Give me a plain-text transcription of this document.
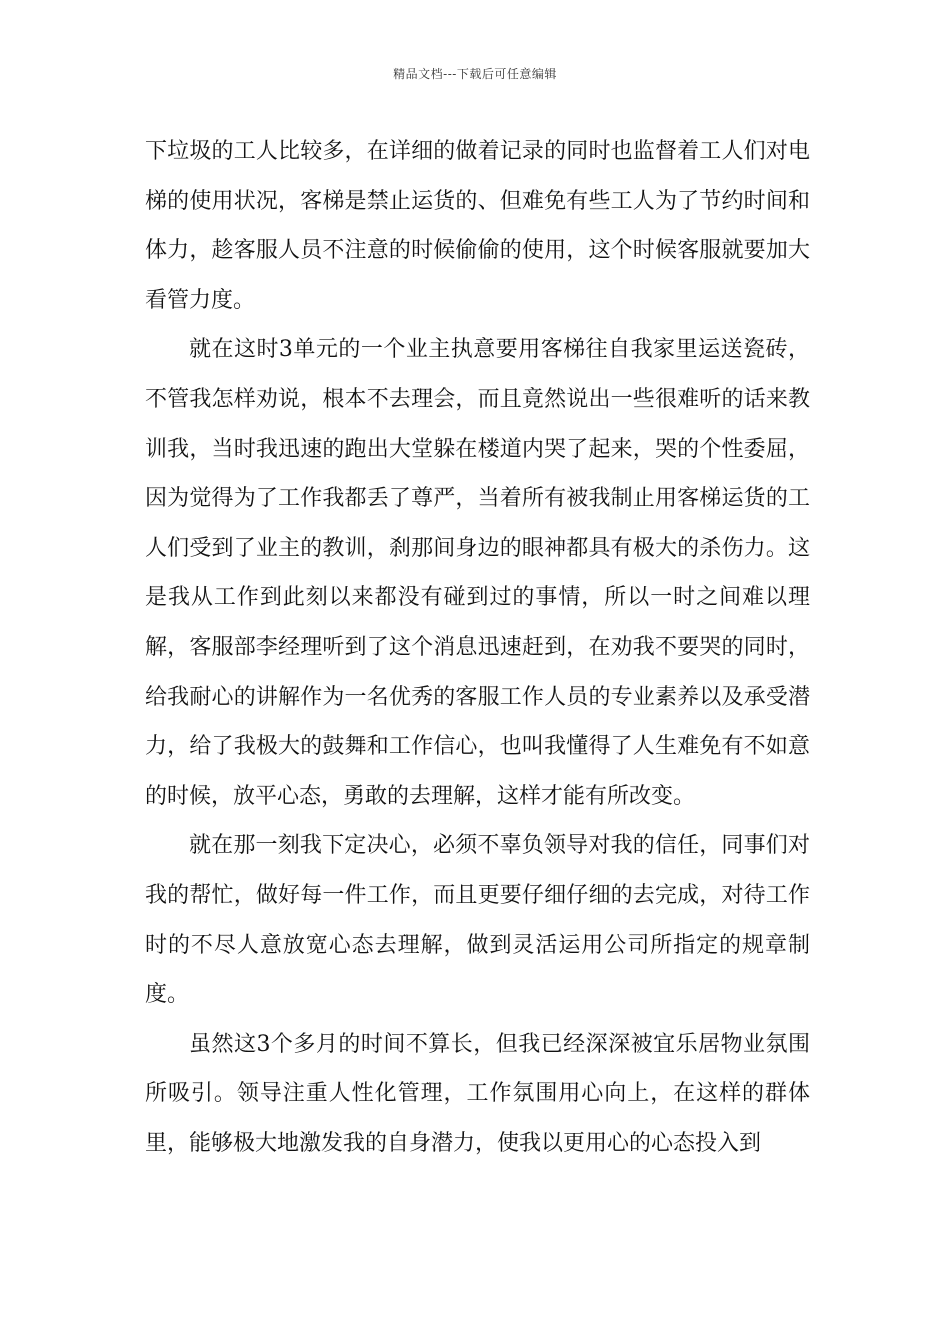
精品文档---下载后可任意编辑

下垃圾的工人比较多，在详细的做着记录的同时也监督着工人们对电梯的使用状况，客梯是禁止运货的、但难免有些工人为了节约时间和体力，趁客服人员不注意的时候偷偷的使用，这个时候客服就要加大看管力度。

就在这时3单元的一个业主执意要用客梯往自我家里运送瓷砖，不管我怎样劝说，根本不去理会，而且竟然说出一些很难听的话来教训我，当时我迅速的跑出大堂躲在楼道内哭了起来，哭的个性委屈，因为觉得为了工作我都丢了尊严，当着所有被我制止用客梯运货的工人们受到了业主的教训，刹那间身边的眼神都具有极大的杀伤力。这是我从工作到此刻以来都没有碰到过的事情，所以一时之间难以理解，客服部李经理听到了这个消息迅速赶到，在劝我不要哭的同时，给我耐心的讲解作为一名优秀的客服工作人员的专业素养以及承受潜力，给了我极大的鼓舞和工作信心，也叫我懂得了人生难免有不如意的时候，放平心态，勇敢的去理解，这样才能有所改变。

就在那一刻我下定决心，必须不辜负领导对我的信任，同事们对我的帮忙，做好每一件工作，而且更要仔细仔细的去完成，对待工作时的不尽人意放宽心态去理解，做到灵活运用公司所指定的规章制度。

虽然这3个多月的时间不算长，但我已经深深被宜乐居物业氛围所吸引。领导注重人性化管理，工作氛围用心向上，在这样的群体里，能够极大地激发我的自身潜力，使我以更用心的心态投入到
